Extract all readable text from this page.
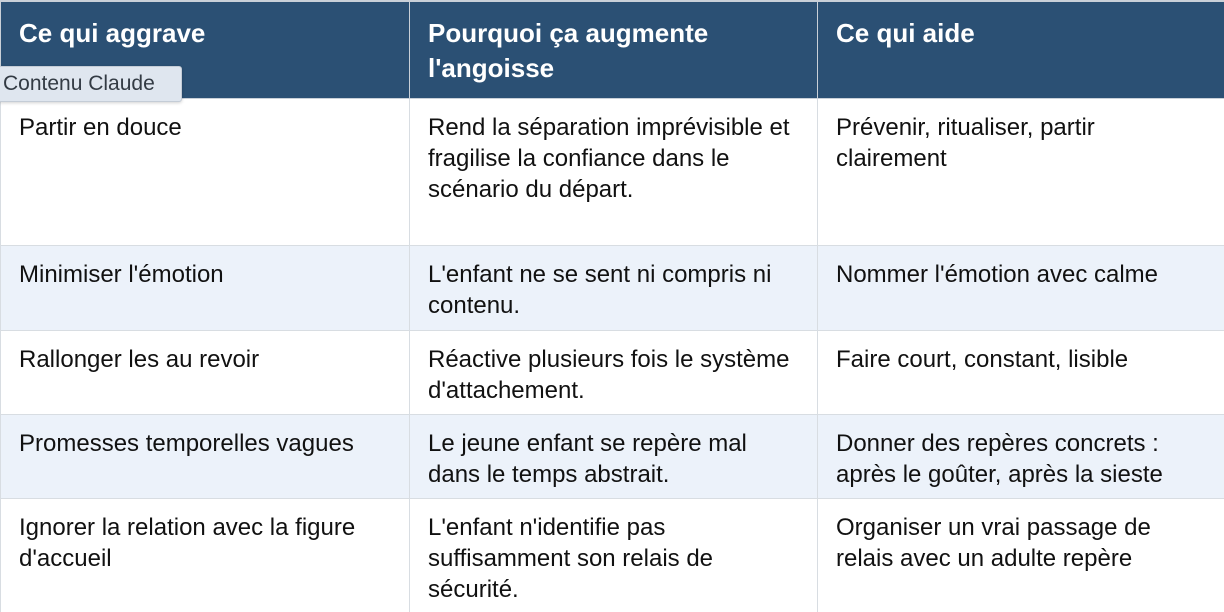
Ce qui aggrave	Pourquoi ça augmente l'angoisse	Ce qui aide
Partir en douce	Rend la séparation imprévisible et fragilise la confiance dans le scénario du départ.	Prévenir, ritualiser, partir clairement
Minimiser l'émotion	L'enfant ne se sent ni compris ni contenu.	Nommer l'émotion avec calme
Rallonger les au revoir	Réactive plusieurs fois le système d'attachement.	Faire court, constant, lisible
Promesses temporelles vagues	Le jeune enfant se repère mal dans le temps abstrait.	Donner des repères concrets : après le goûter, après la sieste
Ignorer la relation avec la figure d'accueil	L'enfant n'identifie pas suffisamment son relais de sécurité.	Organiser un vrai passage de relais avec un adulte repère
Contenu Claude
